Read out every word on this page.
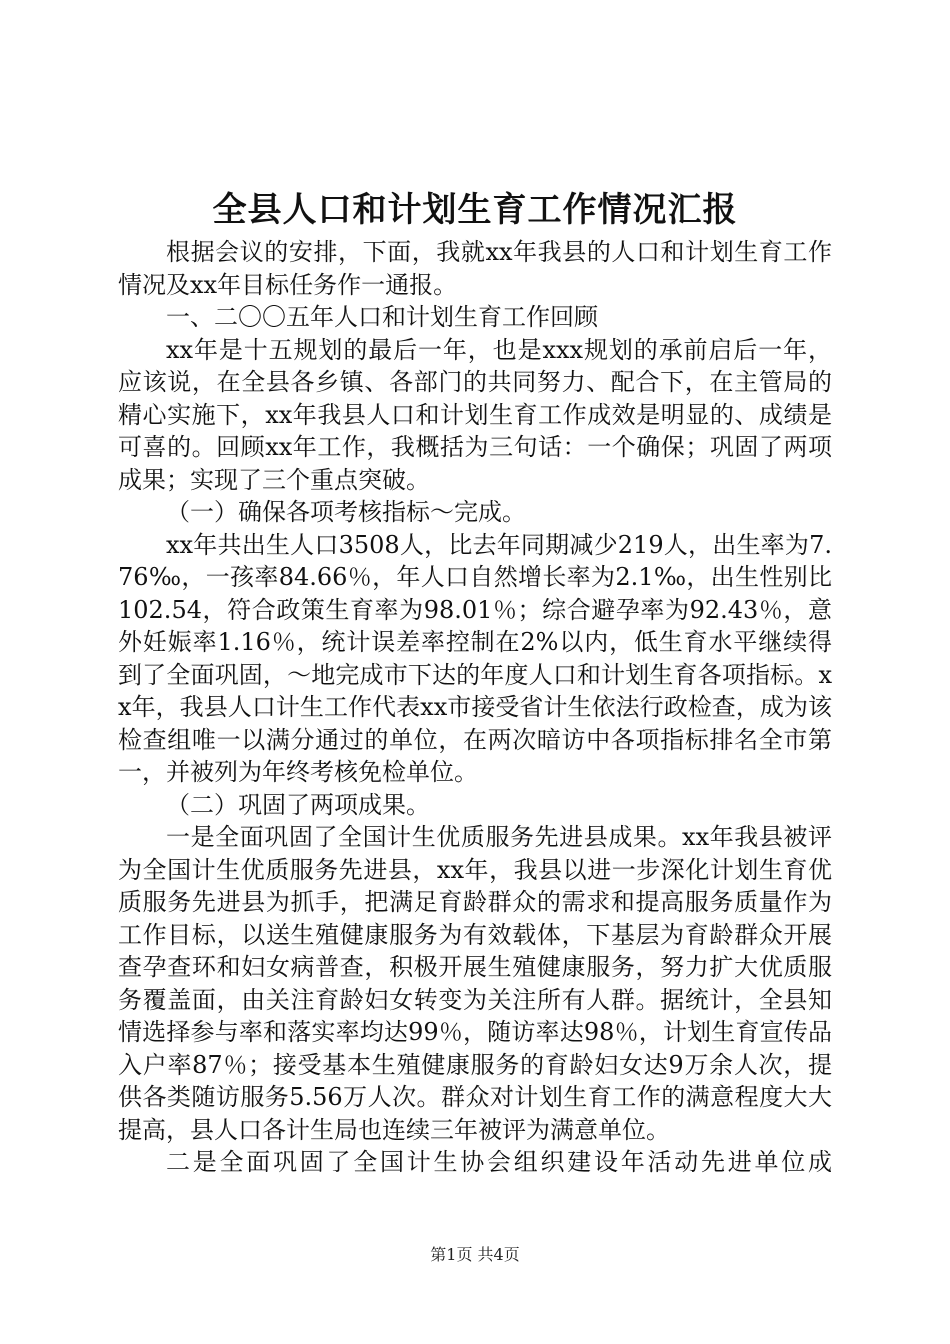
全县人口和计划生育工作情况汇报

根据会议的安排，下面，我就xx年我县的人口和计划生育工作情况及xx年目标任务作一通报。

一、二〇〇五年人口和计划生育工作回顾

xx年是十五规划的最后一年，也是xxx规划的承前启后一年，应该说，在全县各乡镇、各部门的共同努力、配合下，在主管局的精心实施下，xx年我县人口和计划生育工作成效是明显的、成绩是可喜的。回顾xx年工作，我概括为三句话：一个确保；巩固了两项成果；实现了三个重点突破。

（一）确保各项考核指标～完成。

xx年共出生人口3508人，比去年同期减少219人，出生率为7.76‰，一孩率84.66％，年人口自然增长率为2.1‰，出生性别比102.54，符合政策生育率为98.01％；综合避孕率为92.43％，意外妊娠率1.16％，统计误差率控制在2%以内，低生育水平继续得到了全面巩固，～地完成市下达的年度人口和计划生育各项指标。xx年，我县人口计生工作代表xx市接受省计生依法行政检查，成为该检查组唯一以满分通过的单位，在两次暗访中各项指标排名全市第一，并被列为年终考核免检单位。

（二）巩固了两项成果。

一是全面巩固了全国计生优质服务先进县成果。xx年我县被评为全国计生优质服务先进县，xx年，我县以进一步深化计划生育优质服务先进县为抓手，把满足育龄群众的需求和提高服务质量作为工作目标，以送生殖健康服务为有效载体，下基层为育龄群众开展查孕查环和妇女病普查，积极开展生殖健康服务，努力扩大优质服务覆盖面，由关注育龄妇女转变为关注所有人群。据统计，全县知情选择参与率和落实率均达99％，随访率达98％，计划生育宣传品入户率87％；接受基本生殖健康服务的育龄妇女达9万余人次，提供各类随访服务5.56万人次。群众对计划生育工作的满意程度大大提高，县人口各计生局也连续三年被评为满意单位。

二是全面巩固了全国计生协会组织建设年活动先进单位成

第1页 共4页
